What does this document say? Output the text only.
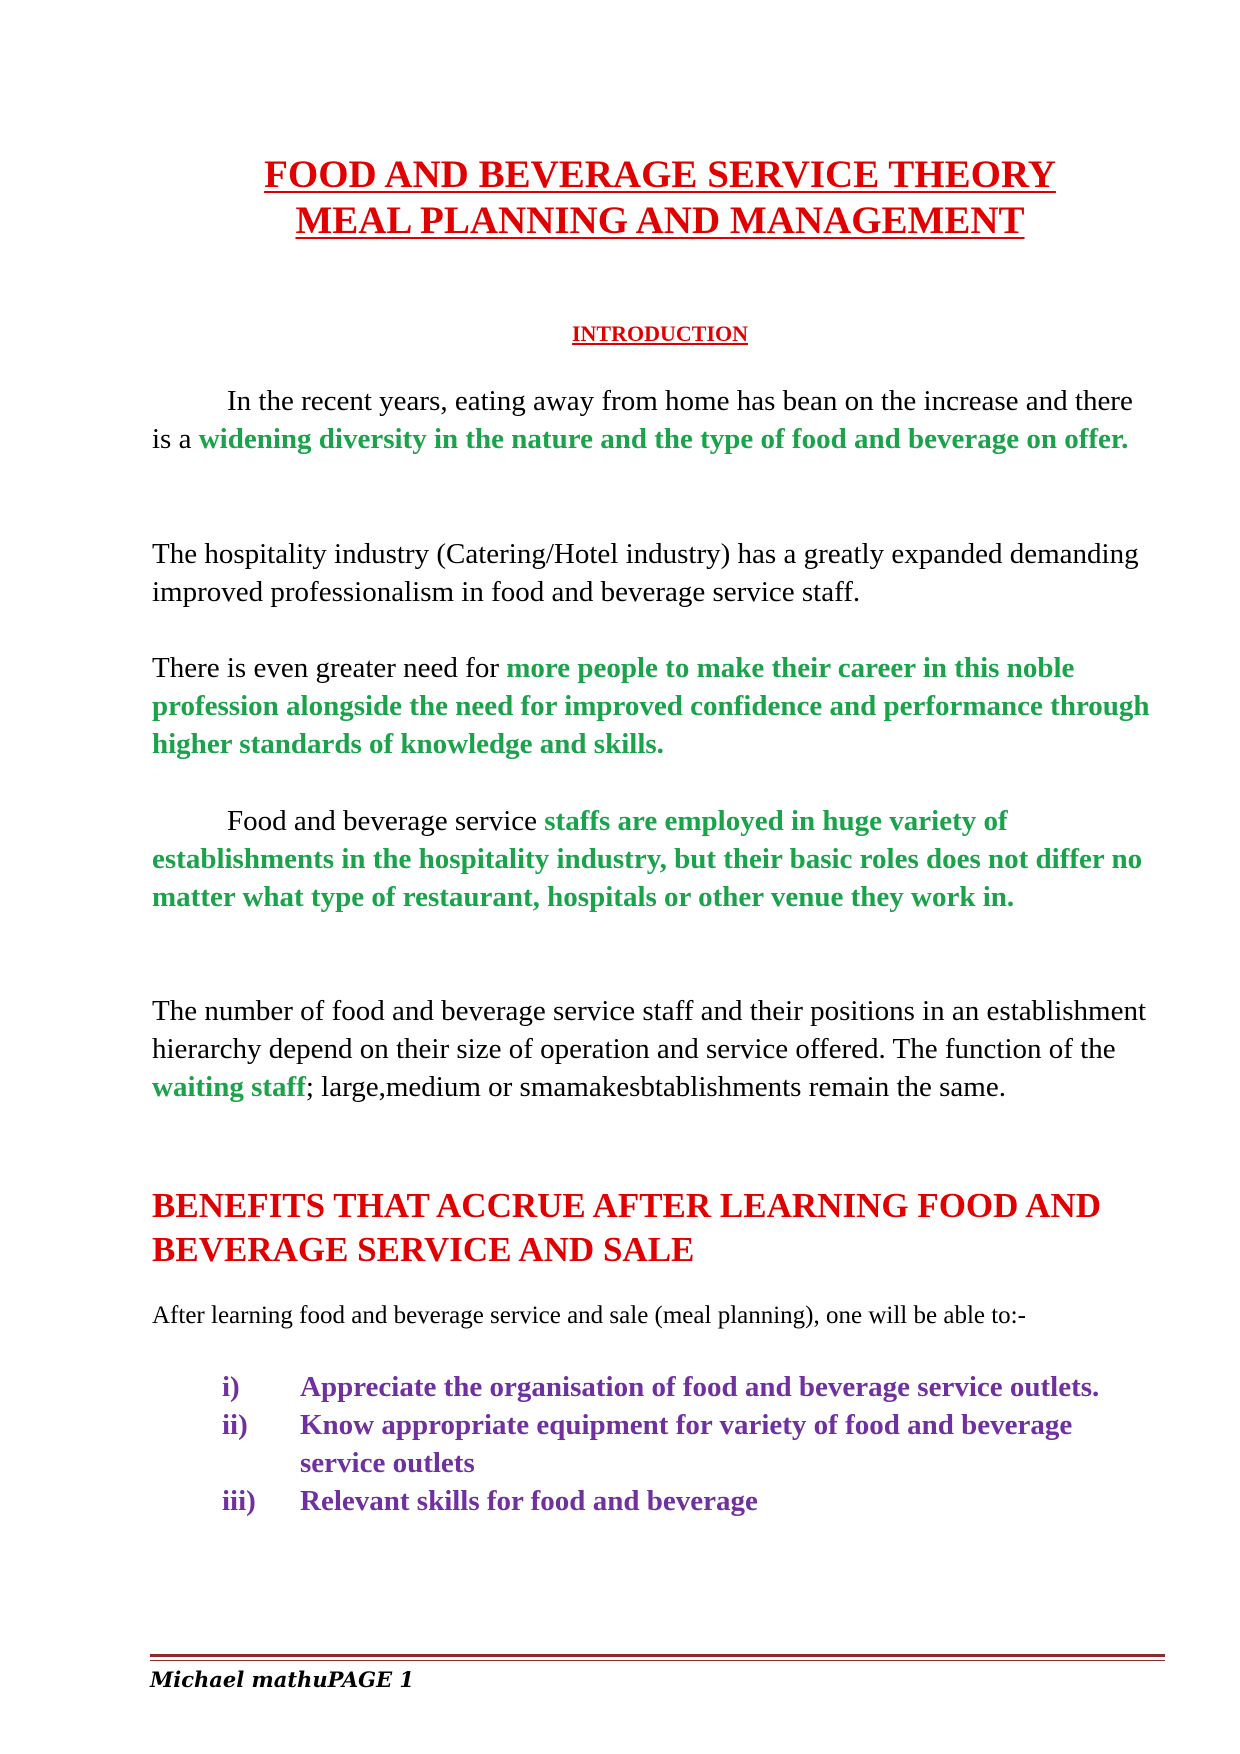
FOOD AND BEVERAGE SERVICE THEORY
MEAL PLANNING AND MANAGEMENT
INTRODUCTION

In the recent years, eating away from home has bean on the increase and there is a widening diversity in the nature and the type of food and beverage on offer.

The hospitality industry (Catering/Hotel industry) has a greatly expanded demanding improved professionalism in food and beverage service staff.

There is even greater need for more people to make their career in this noble profession alongside the need for improved confidence and performance through higher standards of knowledge and skills.

Food and beverage service staffs are employed in huge variety of establishments in the hospitality industry, but their basic roles does not differ no matter what type of restaurant, hospitals or other venue they work in.

The number of food and beverage service staff and their positions in an establishment hierarchy depend on their size of operation and service offered. The function of the waiting staff; large,medium or smamakesbtablishments remain the same.

BENEFITS THAT ACCRUE AFTER LEARNING FOOD AND BEVERAGE SERVICE AND SALE

After learning food and beverage service and sale (meal planning), one will be able to:-

i) Appreciate the organisation of food and beverage service outlets.
ii) Know appropriate equipment for variety of food and beverage service outlets
iii) Relevant skills for food and beverage

Michael mathuPAGE 1
